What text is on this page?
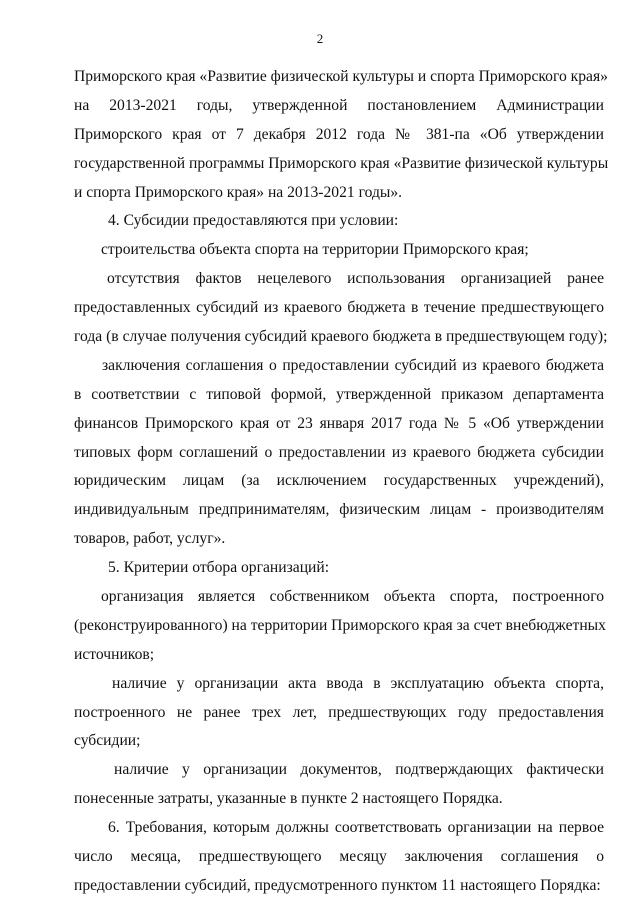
2
Приморского края «Развитие физической культуры и спорта Приморского края»
на 2013-2021 годы, утвержденной постановлением Администрации
Приморского края от 7 декабря 2012 года № 381-па «Об утверждении
государственной программы Приморского края «Развитие физической культуры
и спорта Приморского края» на 2013-2021 годы».
4. Субсидии предоставляются при условии:
строительства объекта спорта на территории Приморского края;
отсутствия фактов нецелевого использования организацией ранее
предоставленных субсидий из краевого бюджета в течение предшествующего
года (в случае получения субсидий краевого бюджета в предшествующем году);
заключения соглашения о предоставлении субсидий из краевого бюджета
в соответствии с типовой формой, утвержденной приказом департамента
финансов Приморского края от 23 января 2017 года № 5 «Об утверждении
типовых форм соглашений о предоставлении из краевого бюджета субсидии
юридическим лицам (за исключением государственных учреждений),
индивидуальным предпринимателям, физическим лицам - производителям
товаров, работ, услуг».
5. Критерии отбора организаций:
организация является собственником объекта спорта, построенного
(реконструированного) на территории Приморского края за счет внебюджетных
источников;
наличие у организации акта ввода в эксплуатацию объекта спорта,
построенного не ранее трех лет, предшествующих году предоставления
субсидии;
наличие у организации документов, подтверждающих фактически
понесенные затраты, указанные в пункте 2 настоящего Порядка.
6. Требования, которым должны соответствовать организации на первое
число месяца, предшествующего месяцу заключения соглашения о
предоставлении субсидий, предусмотренного пунктом 11 настоящего Порядка:
